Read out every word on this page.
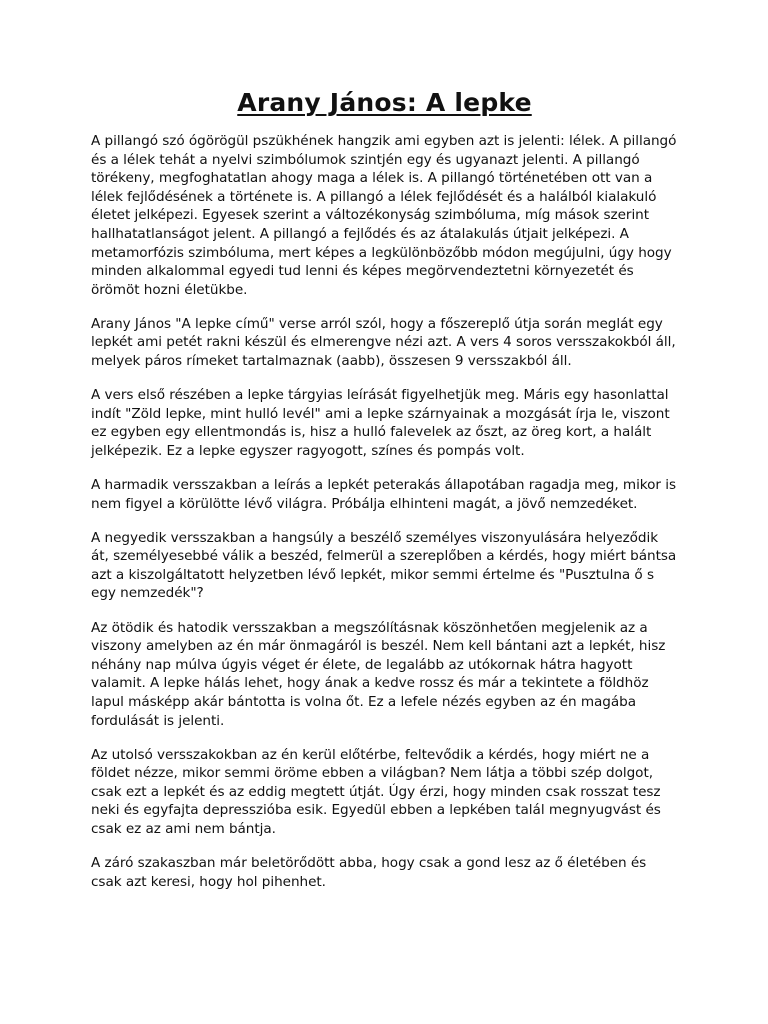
Arany János: A lepke

A pillangó szó ógörögül pszükhének hangzik ami egyben azt is jelenti: lélek. A pillangó és a lélek tehát a nyelvi szimbólumok szintjén egy és ugyanazt jelenti. A pillangó törékeny, megfoghatatlan ahogy maga a lélek is. A pillangó történetében ott van a lélek fejlődésének a története is. A pillangó a lélek fejlődését és a halálból kialakuló életet jelképezi. Egyesek szerint a változékonyság szimbóluma, míg mások szerint hallhatatlanságot jelent. A pillangó a fejlődés és az átalakulás útjait jelképezi. A metamorfózis szimbóluma, mert képes a legkülönbözőbb módon megújulni, úgy hogy minden alkalommal egyedi tud lenni és képes megörvendeztetni környezetét és örömöt hozni életükbe.

Arany János "A lepke című" verse arról szól, hogy a főszereplő útja során meglát egy lepkét ami petét rakni készül és elmerengve nézi azt. A vers 4 soros versszakokból áll, melyek páros rímeket tartalmaznak (aabb), összesen 9 versszakból áll.

A vers első részében a lepke tárgyias leírását figyelhetjük meg. Máris egy hasonlattal indít "Zöld lepke, mint hulló levél" ami a lepke szárnyainak a mozgását írja le, viszont ez egyben egy ellentmondás is, hisz a hulló falevelek az őszt, az öreg kort, a halált jelképezik. Ez a lepke egyszer ragyogott, színes és pompás volt.

A harmadik versszakban a leírás a lepkét peterakás állapotában ragadja meg, mikor is nem figyel a körülötte lévő világra. Próbálja elhinteni magát, a jövő nemzedéket.

A negyedik versszakban a hangsúly a beszélő személyes viszonyulására helyeződik át, személyesebbé válik a beszéd, felmerül a szereplőben a kérdés, hogy miért bántsa azt a kiszolgáltatott helyzetben lévő lepkét, mikor semmi értelme és "Pusztulna ő s egy nemzedék"?

Az ötödik és hatodik versszakban a megszólításnak köszönhetően megjelenik az a viszony amelyben az én már önmagáról is beszél. Nem kell bántani azt a lepkét, hisz néhány nap múlva úgyis véget ér élete, de legalább az utókornak hátra hagyott valamit. A lepke hálás lehet, hogy ának a kedve rossz és már a tekintete a földhöz lapul másképp akár bántotta is volna őt. Ez a lefele nézés egyben az én magába fordulását is jelenti.

Az utolsó versszakokban az én kerül előtérbe, feltevődik a kérdés, hogy miért ne a földet nézze, mikor semmi öröme ebben a világban? Nem látja a többi szép dolgot, csak ezt a lepkét és az eddig megtett útját. Úgy érzi, hogy minden csak rosszat tesz neki és egyfajta depresszióba esik. Egyedül ebben a lepkében talál megnyugvást és csak ez az ami nem bántja.

A záró szakaszban már beletörődött abba, hogy csak a gond lesz az ő életében és csak azt keresi, hogy hol pihenhet.
